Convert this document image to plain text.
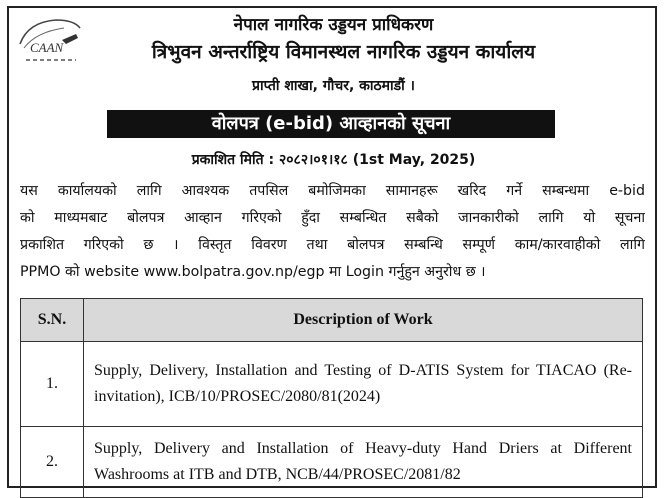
CAAN
नेपाल नागरिक उड्डयन प्राधिकरण
त्रिभुवन अन्तर्राष्ट्रिय विमानस्थल नागरिक उड्डयन कार्यालय
प्राप्ती शाखा, गौचर, काठमाडौं ।
वोलपत्र (e-bid) आव्हानको सूचना
प्रकाशित मिति : २०८२।०१।१८ (1st May, 2025)
यस कार्यालयको लागि आवश्यक तपसिल बमोजिमका सामानहरू खरिद गर्ने सम्बन्धमा e-bid
को माध्यमबाट बोलपत्र आव्हान गरिएको हुँदा सम्बन्धित सबैको जानकारीको लागि यो सूचना
प्रकाशित गरिएको छ । विस्तृत विवरण तथा बोलपत्र सम्बन्धि सम्पूर्ण काम/कारवाहीको लागि
PPMO को website www.bolpatra.gov.np/egp मा Login गर्नुहुन अनुरोध छ ।
S.N.	Description of Work
1.	Supply, Delivery, Installation and Testing of D-ATIS System for TIACAO (Re-invitation), ICB/10/PROSEC/2080/81(2024)
2.	Supply, Delivery and Installation of Heavy-duty Hand Driers at Different Washrooms at ITB and DTB, NCB/44/PROSEC/2081/82
